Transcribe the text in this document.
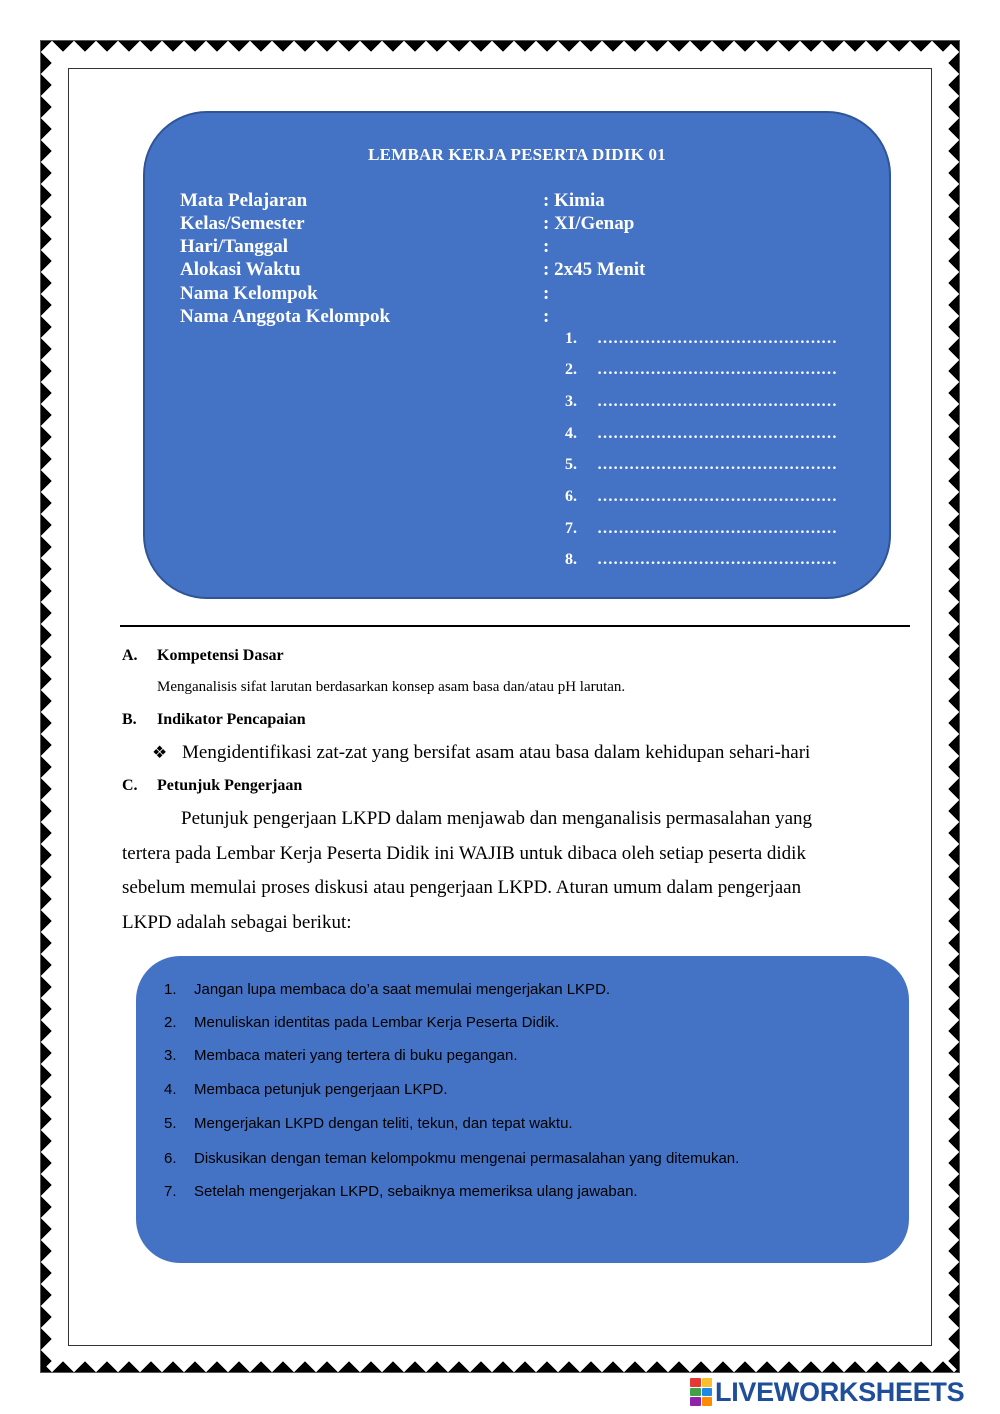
LEMBAR KERJA PESERTA DIDIK 01
Mata Pelajaran	: Kimia
Kelas/Semester	: XI/Genap
Hari/Tanggal	:
Alokasi Waktu	: 2x45 Menit
Nama Kelompok	:
Nama Anggota Kelompok	:
1. ………………………………………
2. ………………………………………
3. ………………………………………
4. ………………………………………
5. ………………………………………
6. ………………………………………
7. ………………………………………
8. ………………………………………
A. Kompetensi Dasar
Menganalisis sifat larutan berdasarkan konsep asam basa dan/atau pH larutan.
B. Indikator Pencapaian
❖ Mengidentifikasi zat-zat yang bersifat asam atau basa dalam kehidupan sehari-hari
C. Petunjuk Pengerjaan
Petunjuk pengerjaan LKPD dalam menjawab dan menganalisis permasalahan yang
tertera pada Lembar Kerja Peserta Didik ini WAJIB untuk dibaca oleh setiap peserta didik
sebelum memulai proses diskusi atau pengerjaan LKPD. Aturan umum dalam pengerjaan
LKPD adalah sebagai berikut:
1. Jangan lupa membaca do’a saat memulai mengerjakan LKPD.
2. Menuliskan identitas pada Lembar Kerja Peserta Didik.
3. Membaca materi yang tertera di buku pegangan.
4. Membaca petunjuk pengerjaan LKPD.
5. Mengerjakan LKPD dengan teliti, tekun, dan tepat waktu.
6. Diskusikan dengan teman kelompokmu mengenai permasalahan yang ditemukan.
7. Setelah mengerjakan LKPD, sebaiknya memeriksa ulang jawaban.
LIVEWORKSHEETS
